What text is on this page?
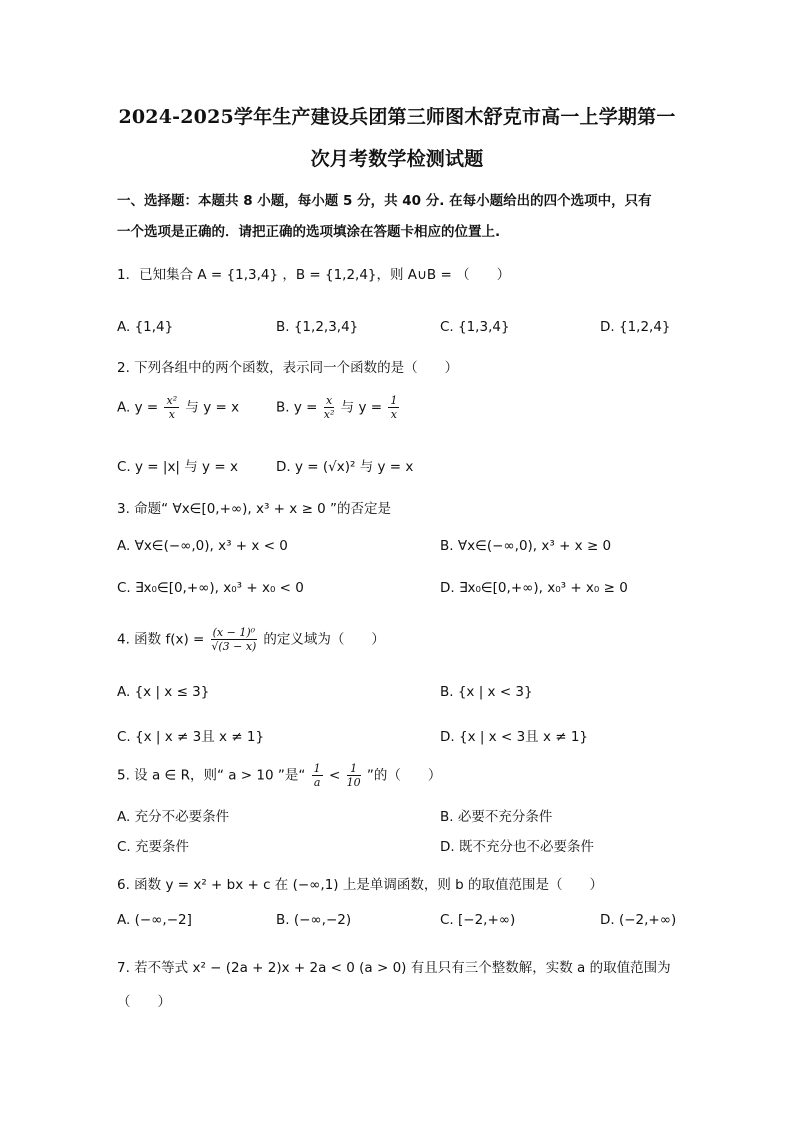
2024-2025学年生产建设兵团第三师图木舒克市高一上学期第一
次月考数学检测试题
一、选择题：本题共 8 小题，每小题 5 分，共 40 分. 在每小题给出的四个选项中，只有
一个选项是正确的．请把正确的选项填涂在答题卡相应的位置上.
1．已知集合 A = {1,3,4} ，B = {1,2,4}，则 A∪B = （　　）
A. {1,4}	B. {1,2,3,4}	C. {1,3,4}	D. {1,2,4}
2. 下列各组中的两个函数，表示同一个函数的是（　　）
A. $y = \frac{\text{x²}}{x}$ 与 y = x	B. $y = \frac{x}{\text{x²}}$ 与 $y = \frac{1}{x}$
C. y = |x| 与 y = x	D. y = (√x)² 与 y = x
3. 命题“ ∀x∈[0,+∞), x³ + x ≥ 0 ”的否定是
A. ∀x∈(−∞,0), x³ + x < 0	B. ∀x∈(−∞,0), x³ + x ≥ 0
C. ∃x₀∈[0,+∞), x₀³ + x₀ < 0	D. ∃x₀∈[0,+∞), x₀³ + x₀ ≥ 0
4. 函数 $f(x) = \frac{\text{(x − 1)⁰}}{√(3 - x)}$ 的定义域为（　　）
A. {x | x ≤ 3}	B. {x | x < 3}
C. {x | x ≠ 3且 x ≠ 1}	D. {x | x < 3且 x ≠ 1}
5. 设 a ∈ R，则“ a > 10 ”是“ $\frac{1}{a} < \frac{1}{10}$ ”的（　　）
A. 充分不必要条件	B. 必要不充分条件
C. 充要条件	D. 既不充分也不必要条件
6. 函数 y = x² + bx + c 在 (−∞,1) 上是单调函数，则 b 的取值范围是（　　）
A. (−∞,−2]	B. (−∞,−2)	C. [−2,+∞)	D. (−2,+∞)
7. 若不等式 x² − (2a + 2)x + 2a < 0 (a > 0) 有且只有三个整数解，实数 a 的取值范围为
（　　）
